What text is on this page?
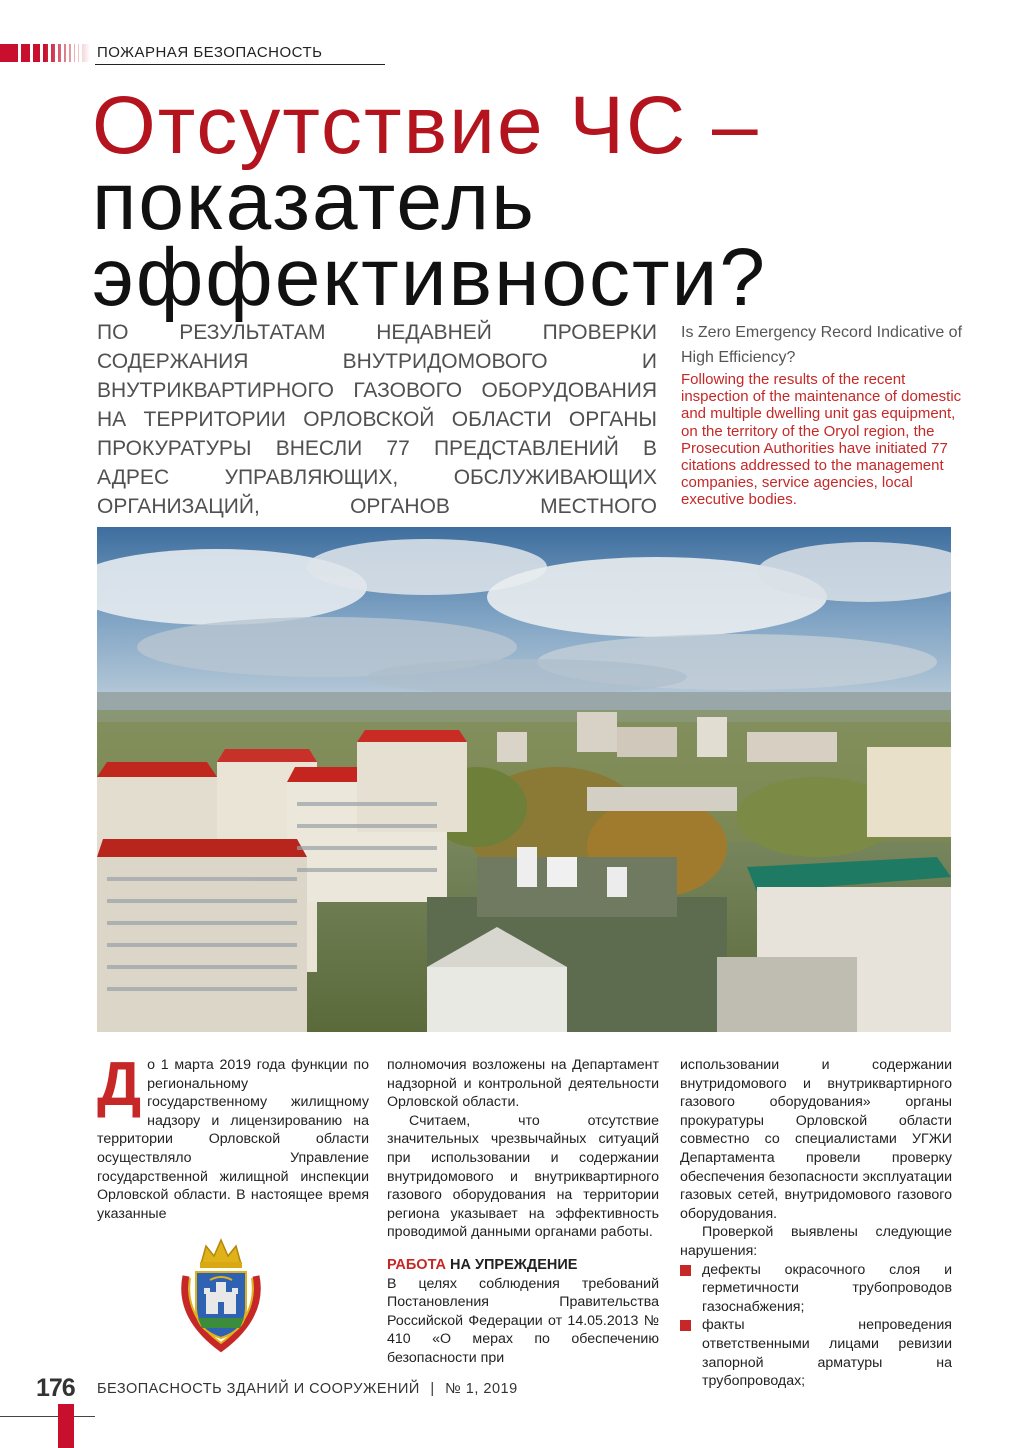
ПОЖАРНАЯ БЕЗОПАСНОСТЬ
Отсутствие ЧС –
показатель
эффективности?
ПО РЕЗУЛЬТАТАМ НЕДАВНЕЙ ПРОВЕРКИ СОДЕРЖАНИЯ ВНУТРИДОМОВОГО И ВНУТРИКВАРТИРНОГО ГАЗОВОГО ОБОРУДОВАНИЯ НА ТЕРРИТОРИИ ОРЛОВСКОЙ ОБЛАСТИ ОРГАНЫ ПРОКУРАТУРЫ ВНЕСЛИ 77 ПРЕДСТАВЛЕНИЙ В АДРЕС УПРАВЛЯЮЩИХ, ОБСЛУЖИВАЮЩИХ ОРГАНИЗАЦИЙ, ОРГАНОВ МЕСТНОГО
Is Zero Emergency Record Indicative of High Efficiency?
Following the results of the recent inspection of the maintenance of domestic and multiple dwelling unit gas equipment, on the territory of the Oryol region, the Prosecution Authorities have initiated 77 citations addressed to the management companies, service agencies, local executive bodies.

До 1 марта 2019 года функции по региональному государственному жилищному надзору и лицензированию на территории Орловской области осуществляло Управление государственной жилищной инспекции Орловской области. В настоящее время указанные

полномочия возложены на Департамент надзорной и контрольной деятельности Орловской области.

Считаем, что отсутствие значительных чрезвычайных ситуаций при использовании и содержании внутридомового и внутриквартирного газового оборудования на территории региона указывает на эффективность проводимой данными органами работы.

РАБОТА НА УПРЕЖДЕНИЕ

В целях соблюдения требований Постановления Правительства Российской Федерации от 14.05.2013 № 410 «О мерах по обеспечению безопасности при

использовании и содержании внутридомового и внутриквартирного газового оборудования» органы прокуратуры Орловской области совместно со специалистами УГЖИ Департамента провели проверку обеспечения безопасности эксплуатации газовых сетей, внутридомового газового оборудования.

Проверкой выявлены следующие нарушения:

дефекты окрасочного слоя и герметичности трубопроводов газоснабжения;

факты непроведения ответственными лицами ревизии запорной арматуры на трубопроводах;

176 БЕЗОПАСНОСТЬ ЗДАНИЙ И СООРУЖЕНИЙ | № 1, 2019
